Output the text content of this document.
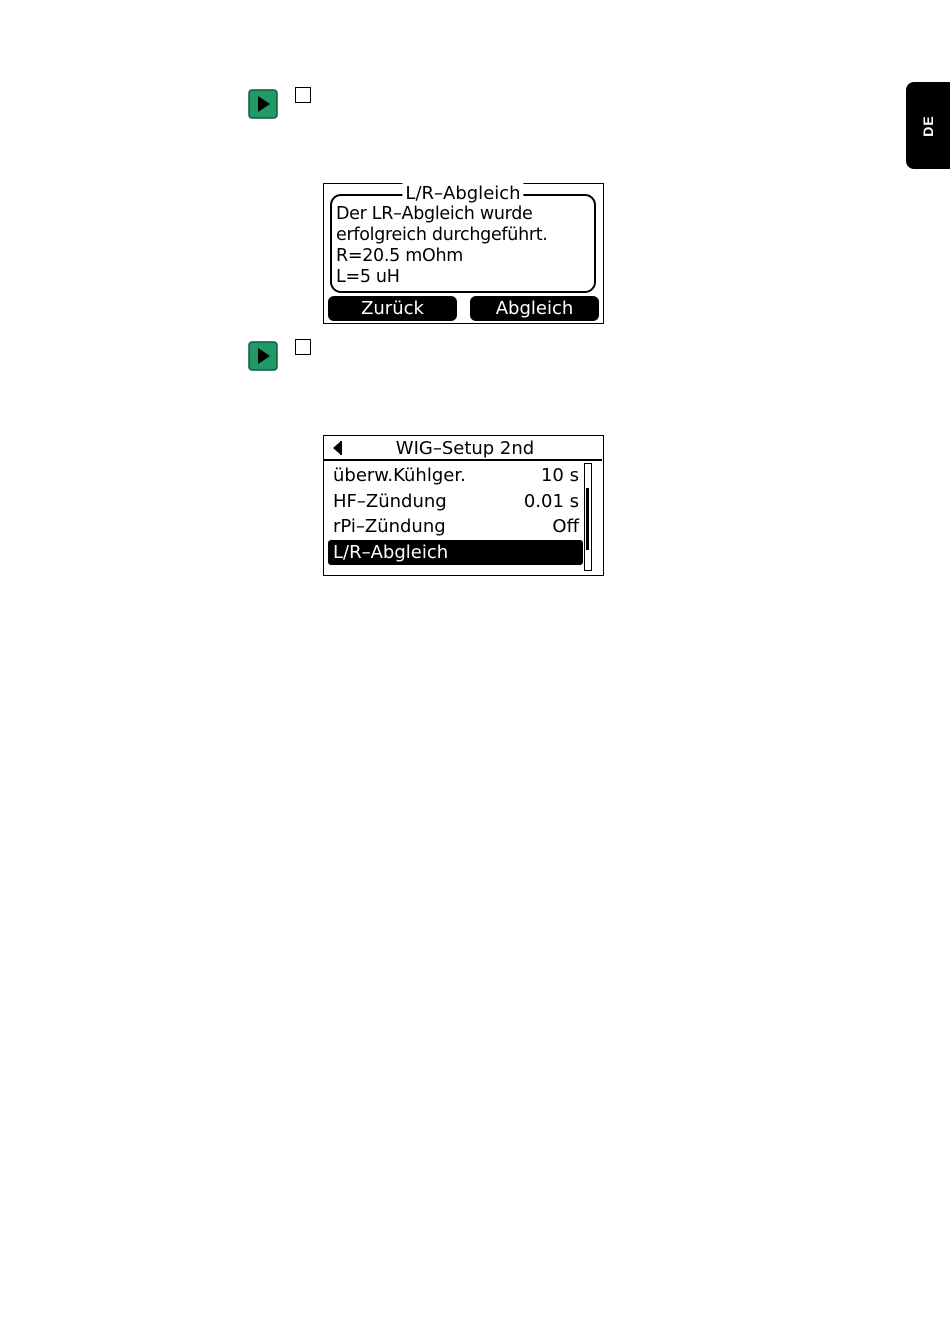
DE
L/R–Abgleich
Der LR–Abgleich wurde
erfolgreich durchgeführt.
R=20.5 mOhm
L=5 uH
Zurück	Abgleich
WIG–Setup 2nd
überw.Kühlger.	10 s
HF–Zündung	0.01 s
rPi–Zündung	Off
L/R–Abgleich
